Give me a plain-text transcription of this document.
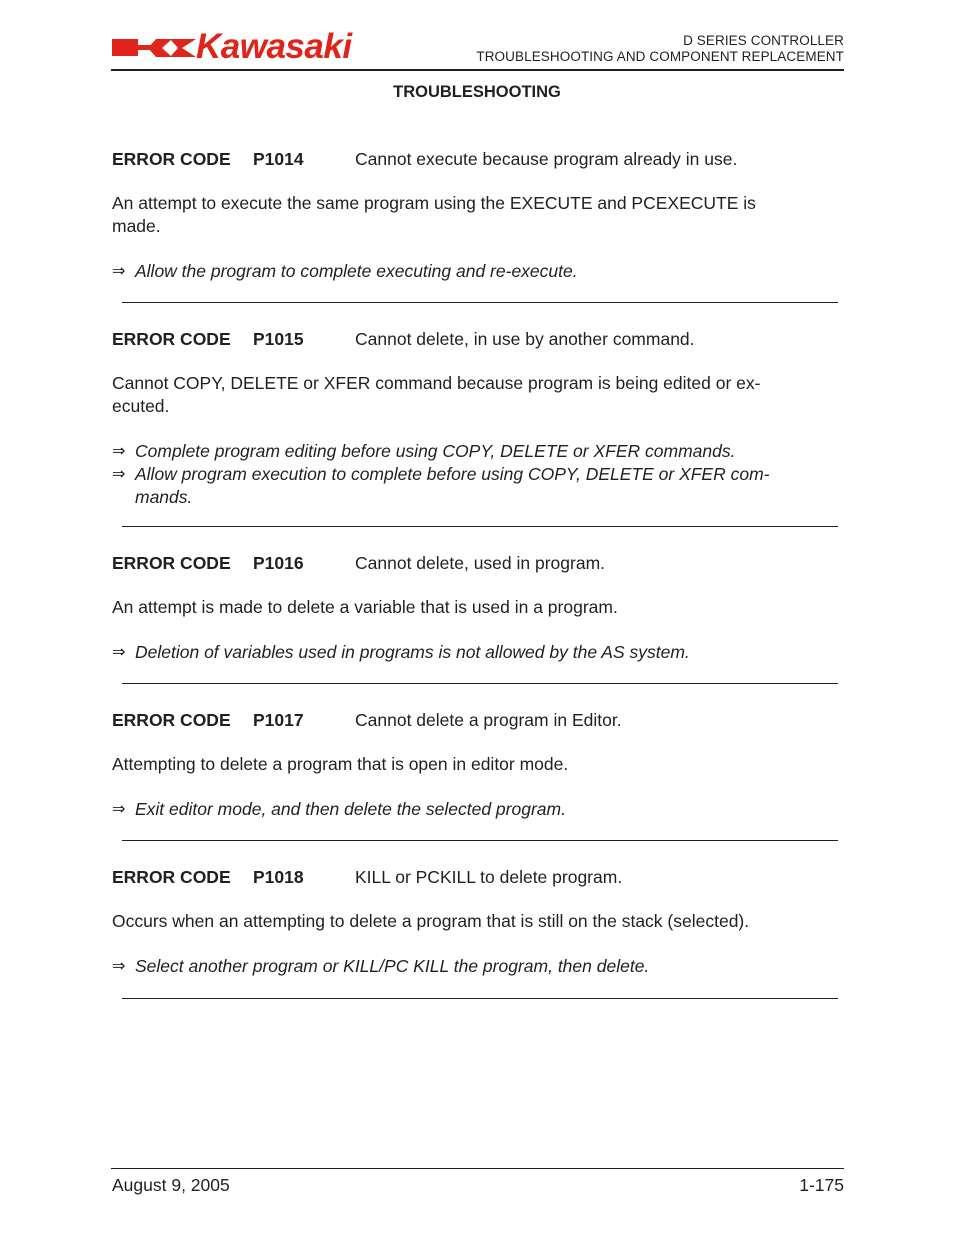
Kawasaki	D SERIES CONTROLLER
TROUBLESHOOTING AND COMPONENT REPLACEMENT
TROUBLESHOOTING
ERROR CODE P1014	Cannot execute because program already in use.
An attempt to execute the same program using the EXECUTE and PCEXECUTE is
made.
⇒ Allow the program to complete executing and re-execute.
ERROR CODE P1015	Cannot delete, in use by another command.
Cannot COPY, DELETE or XFER command because program is being edited or ex-
ecuted.
⇒ Complete program editing before using COPY, DELETE or XFER commands.
⇒ Allow program execution to complete before using COPY, DELETE or XFER com-
mands.
ERROR CODE P1016	Cannot delete, used in program.
An attempt is made to delete a variable that is used in a program.
⇒ Deletion of variables used in programs is not allowed by the AS system.
ERROR CODE P1017	Cannot delete a program in Editor.
Attempting to delete a program that is open in editor mode.
⇒ Exit editor mode, and then delete the selected program.
ERROR CODE P1018	KILL or PCKILL to delete program.
Occurs when an attempting to delete a program that is still on the stack (selected).
⇒ Select another program or KILL/PC KILL the program, then delete.
August 9, 2005	1-175
